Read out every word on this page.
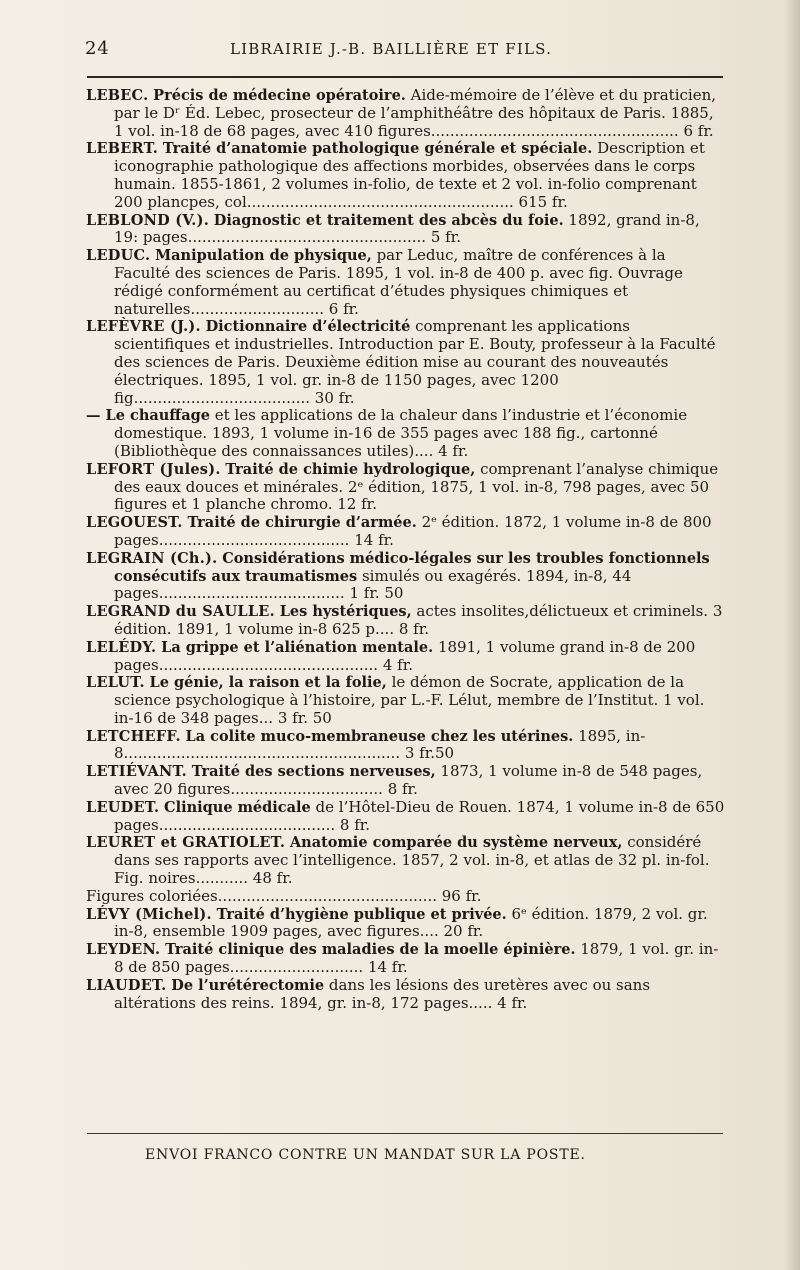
24	LIBRAIRIE J.-B. BAILLIÈRE ET FILS.

LEBEC. Précis de médecine opératoire. Aide-mémoire de l’élève et du praticien, par le Dʳ Éd. Lebec, prosecteur de l’amphithéâtre des hôpitaux de Paris. 1885, 1 vol. in-18 de 68 pages, avec 410 figures.................................................... 6 fr.

LEBERT. Traité d’anatomie pathologique générale et spéciale. Description et iconographie pathologique des affections morbides, observées dans le corps humain. 1855-1861, 2 volumes in-folio, de texte et 2 vol. in-folio comprenant 200 plancpes, col........................................................ 615 fr.

LEBLOND (V.). Diagnostic et traitement des abcès du foie. 1892, grand in-8, 19: pages.................................................. 5 fr.

LEDUC. Manipulation de physique, par Leduc, maître de conférences à la Faculté des sciences de Paris. 1895, 1 vol. in-8 de 400 p. avec fig. Ouvrage rédigé conformément au certificat d’études physiques chimiques et naturelles............................ 6 fr.

LEFÈVRE (J.). Dictionnaire d’électricité comprenant les applications scientifiques et industrielles. Introduction par E. Bouty, professeur à la Faculté des sciences de Paris. Deuxième édition mise au courant des nouveautés électriques. 1895, 1 vol. gr. in-8 de 1150 pages, avec 1200 fig..................................... 30 fr.

— Le chauffage et les applications de la chaleur dans l’industrie et l’économie domestique. 1893, 1 volume in-16 de 355 pages avec 188 fig., cartonné (Bibliothèque des connaissances utiles).... 4 fr.

LEFORT (Jules). Traité de chimie hydrologique, comprenant l’analyse chimique des eaux douces et minérales. 2ᵉ édition, 1875, 1 vol. in-8, 798 pages, avec 50 figures et 1 planche chromo. 12 fr.

LEGOUEST. Traité de chirurgie d’armée. 2ᵉ édition. 1872, 1 volume in-8 de 800 pages........................................ 14 fr.

LEGRAIN (Ch.). Considérations médico-légales sur les troubles fonctionnels consécutifs aux traumatismes simulés ou exagérés. 1894, in-8, 44 pages....................................... 1 fr. 50

LEGRAND du SAULLE. Les hystériques, actes insolites,délictueux et criminels. 3 édition. 1891, 1 volume in-8 625 p.... 8 fr.

LELÉDY. La grippe et l’aliénation mentale. 1891, 1 volume grand in-8 de 200 pages.............................................. 4 fr.

LELUT. Le génie, la raison et la folie, le démon de Socrate, application de la science psychologique à l’histoire, par L.-F. Lélut, membre de l’Institut. 1 vol. in-16 de 348 pages... 3 fr. 50

LETCHEFF. La colite muco-membraneuse chez les utérines. 1895, in-8.......................................................... 3 fr.50

LETIÉVANT. Traité des sections nerveuses, 1873, 1 volume in-8 de 548 pages, avec 20 figures................................ 8 fr.

LEUDET. Clinique médicale de l’Hôtel-Dieu de Rouen. 1874, 1 volume in-8 de 650 pages..................................... 8 fr.

LEURET et GRATIOLET. Anatomie comparée du système nerveux, considéré dans ses rapports avec l’intelligence. 1857, 2 vol. in-8, et atlas de 32 pl. in-fol. Fig. noires........... 48 fr.

Figures coloriées.............................................. 96 fr.

LÉVY (Michel). Traité d’hygiène publique et privée. 6ᵉ édition. 1879, 2 vol. gr. in-8, ensemble 1909 pages, avec figures.... 20 fr.

LEYDEN. Traité clinique des maladies de la moelle épinière. 1879, 1 vol. gr. in-8 de 850 pages............................ 14 fr.

LIAUDET. De l’urétérectomie dans les lésions des uretères avec ou sans altérations des reins. 1894, gr. in-8, 172 pages..... 4 fr.

ENVOI FRANCO CONTRE UN MANDAT SUR LA POSTE.
